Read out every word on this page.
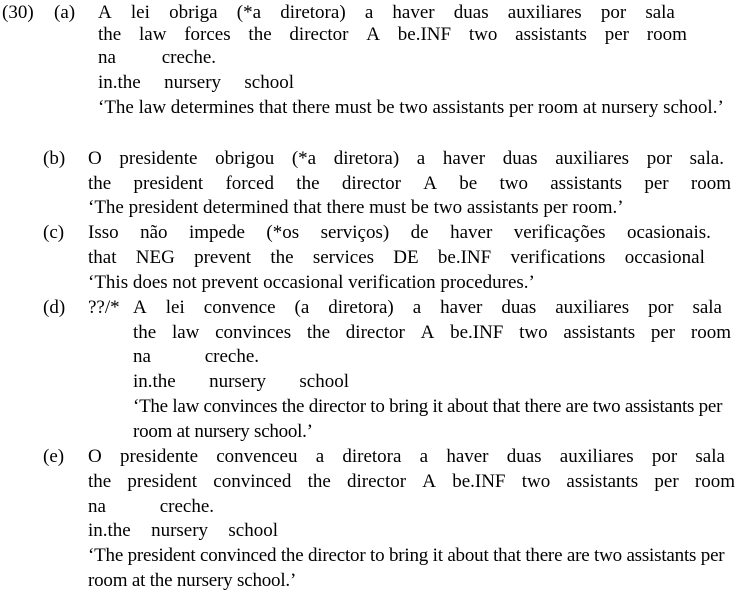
(30) (a) A lei obriga (*a diretora) a haver duas auxiliares por sala
the law forces the director A be.INF two assistants per room
na creche.
in.the nursery school
‘The law determines that there must be two assistants per room at nursery school.’
(b) O presidente obrigou (*a diretora) a haver duas auxiliares por sala.
the president forced the director A be two assistants per room
‘The president determined that there must be two assistants per room.’
(c) Isso não impede (*os serviços) de haver verificações ocasionais.
that NEG prevent the services DE be.INF verifications occasional
‘This does not prevent occasional verification procedures.’
(d) ??/* A lei convence (a diretora) a haver duas auxiliares por sala
the law convinces the director A be.INF two assistants per room
na	creche.
in.the nursery school
‘The law convinces the director to bring it about that there are two assistants per room at nursery school.’
(e) O presidente convenceu a diretora a haver duas auxiliares por sala
the president convinced the director A be.INF two assistants per room
na	creche.
in.the nursery school
‘The president convinced the director to bring it about that there are two assistants per room at the nursery school.’
